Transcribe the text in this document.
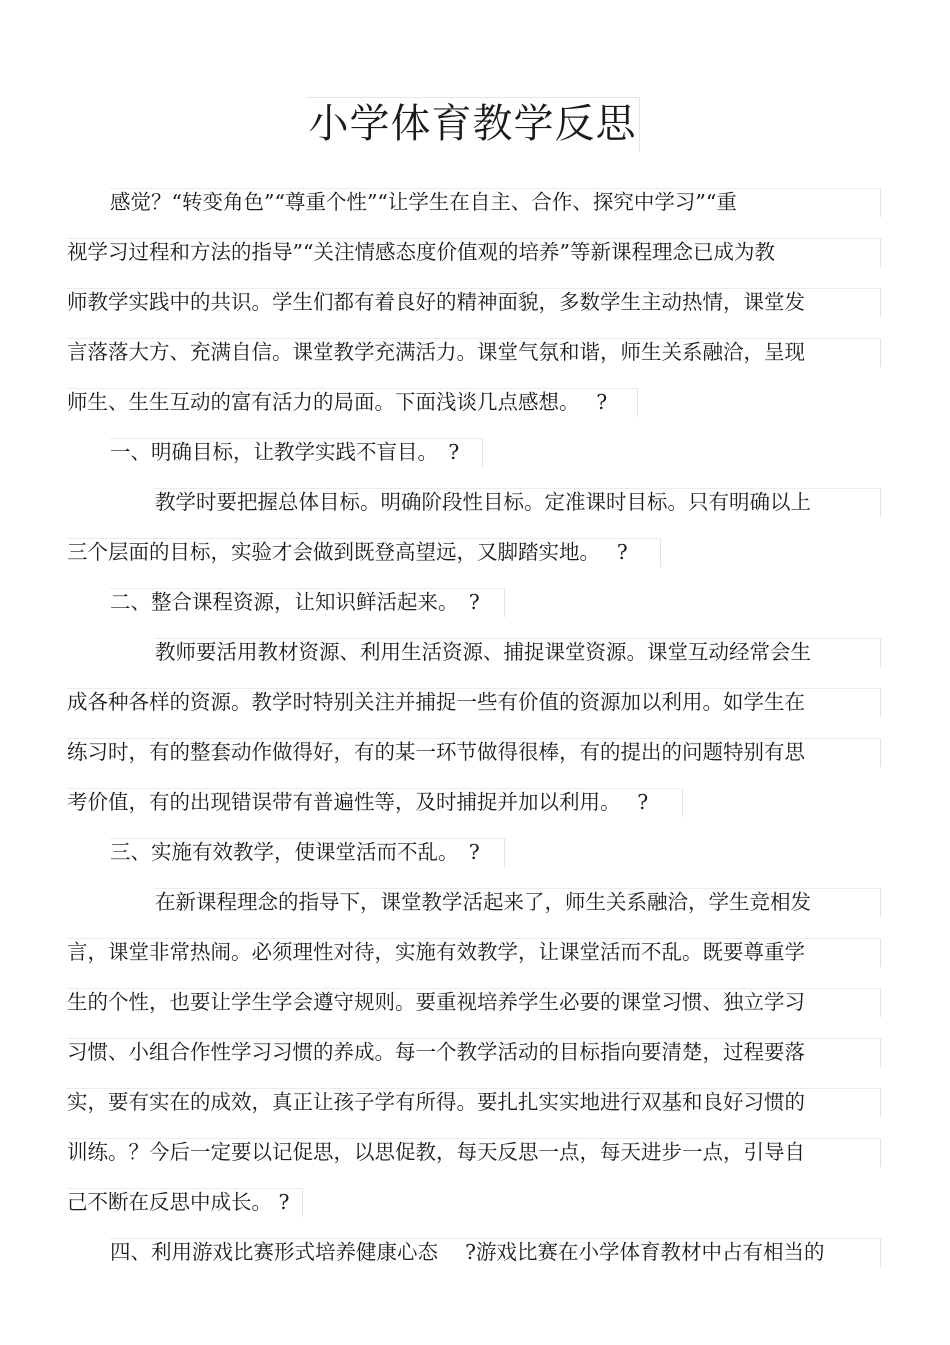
小学体育教学反思
感觉？“转变角色”“尊重个性”“让学生在自主、合作、探究中学习”“重
视学习过程和方法的指导”“关注情感态度价值观的培养”等新课程理念已成为教
师教学实践中的共识。学生们都有着良好的精神面貌，多数学生主动热情，课堂发
言落落大方、充满自信。课堂教学充满活力。课堂气氛和谐，师生关系融洽，呈现
师生、生生互动的富有活力的局面。下面浅谈几点感想。　 ?
一、明确目标，让教学实践不盲目。　?
教学时要把握总体目标。明确阶段性目标。定准课时目标。只有明确以上
三个层面的目标，实验才会做到既登高望远，又脚踏实地。　 ?
二、整合课程资源，让知识鲜活起来。　?
教师要活用教材资源、利用生活资源、捕捉课堂资源。课堂互动经常会生
成各种各样的资源。教学时特别关注并捕捉一些有价值的资源加以利用。如学生在
练习时，有的整套动作做得好，有的某一环节做得很棒，有的提出的问题特别有思
考价值，有的出现错误带有普遍性等，及时捕捉并加以利用。　 ?
三、实施有效教学，使课堂活而不乱。　?
在新课程理念的指导下，课堂教学活起来了，师生关系融洽，学生竞相发
言，课堂非常热闹。必须理性对待，实施有效教学，让课堂活而不乱。既要尊重学
生的个性，也要让学生学会遵守规则。要重视培养学生必要的课堂习惯、独立学习
习惯、小组合作性学习习惯的养成。每一个教学活动的目标指向要清楚，过程要落
实，要有实在的成效，真正让孩子学有所得。要扎扎实实地进行双基和良好习惯的
训练。？今后一定要以记促思，以思促教，每天反思一点，每天进步一点，引导自
己不断在反思中成长。 ?
四、利用游戏比赛形式培养健康心态　 ?游戏比赛在小学体育教材中占有相当的
